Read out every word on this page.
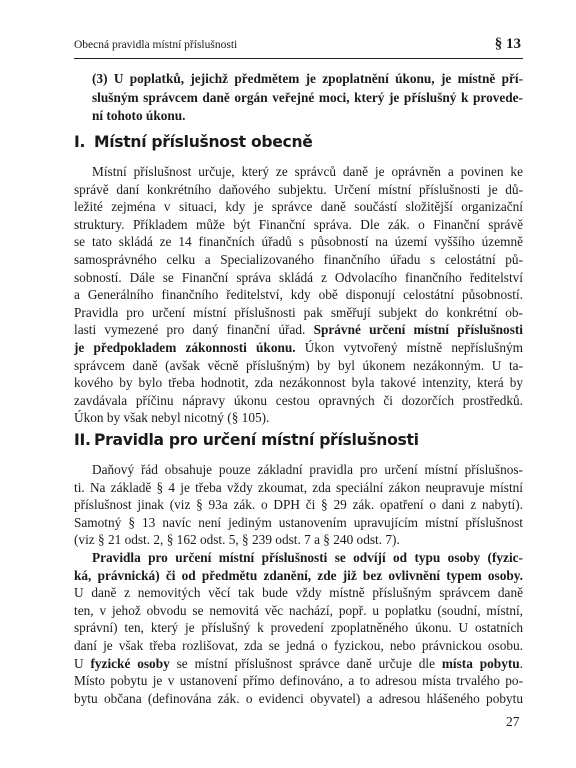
Obecná pravidla místní příslušnosti	§ 13

(3) U poplatků, jejichž předmětem je zpoplatnění úkonu, je místně pří-
slušným správcem daně orgán veřejné moci, který je příslušný k provede-
ní tohoto úkonu.

I. Místní příslušnost obecně
Místní příslušnost určuje, který ze správců daně je oprávněn a povinen ke
správě daní konkrétního daňového subjektu. Určení místní příslušnosti je dů-
ležité zejména v situaci, kdy je správce daně součástí složitější organizační
struktury. Příkladem může být Finanční správa. Dle zák. o Finanční správě
se tato skládá ze 14 finančních úřadů s působností na území vyššího územně
samosprávného celku a Specializovaného finančního úřadu s celostátní pů-
sobností. Dále se Finanční správa skládá z Odvolacího finančního ředitelství
a Generálního finančního ředitelství, kdy obě disponují celostátní působností.
Pravidla pro určení místní příslušnosti pak směřují subjekt do konkrétní ob-
lasti vymezené pro daný finanční úřad. Správné určení místní příslušnosti
je předpokladem zákonnosti úkonu. Úkon vytvořený místně nepříslušným
správcem daně (avšak věcně příslušným) by byl úkonem nezákonným. U ta-
kového by bylo třeba hodnotit, zda nezákonnost byla takové intenzity, která by
zavdávala příčinu nápravy úkonu cestou opravných či dozorčích prostředků.
Úkon by však nebyl nicotný (§ 105).
II. Pravidla pro určení místní příslušnosti
Daňový řád obsahuje pouze základní pravidla pro určení místní příslušnos-
ti. Na základě § 4 je třeba vždy zkoumat, zda speciální zákon neupravuje místní
příslušnost jinak (viz § 93a zák. o DPH či § 29 zák. opatření o dani z nabytí).
Samotný § 13 navíc není jediným ustanovením upravujícím místní příslušnost
(viz § 21 odst. 2, § 162 odst. 5, § 239 odst. 7 a § 240 odst. 7).
Pravidla pro určení místní příslušnosti se odvíjí od typu osoby (fyzic-
ká, právnická) či od předmětu zdanění, zde již bez ovlivnění typem osoby.
U daně z nemovitých věcí tak bude vždy místně příslušným správcem daně
ten, v jehož obvodu se nemovitá věc nachází, popř. u poplatku (soudní, místní,
správní) ten, který je příslušný k provedení zpoplatněného úkonu. U ostatních
daní je však třeba rozlišovat, zda se jedná o fyzickou, nebo právnickou osobu.
U fyzické osoby se místní příslušnost správce daně určuje dle místa pobytu.
Místo pobytu je v ustanovení přímo definováno, a to adresou místa trvalého po-
bytu občana (definována zák. o evidenci obyvatel) a adresou hlášeného pobytu
27
